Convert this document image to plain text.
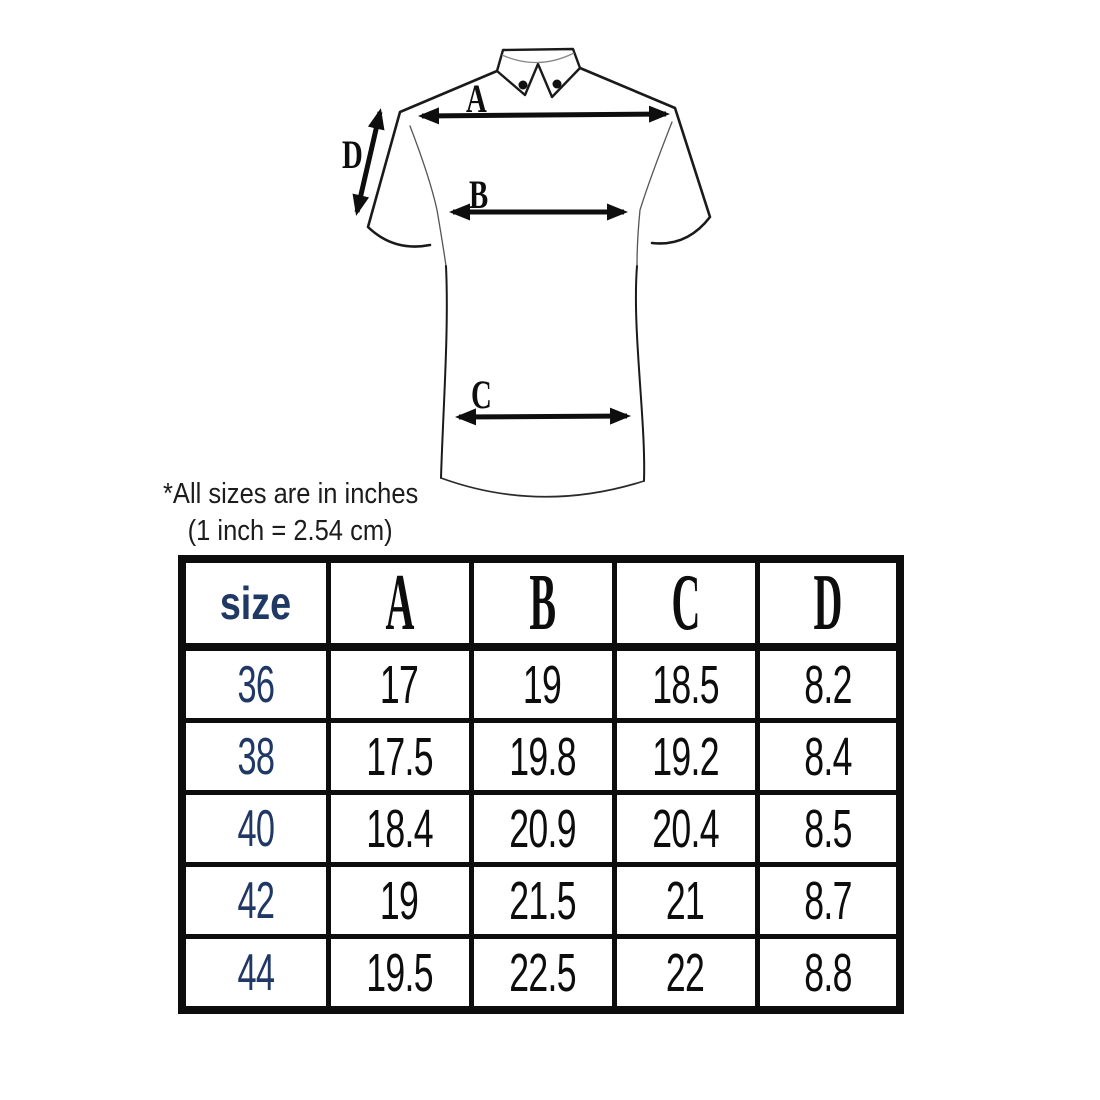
A
B
C
D
*All sizes are in inches
(1 inch = 2.54 cm)
size	A	B	C	D
36	17	19	18.5	8.2
38	17.5	19.8	19.2	8.4
40	18.4	20.9	20.4	8.5
42	19	21.5	21	8.7
44	19.5	22.5	22	8.8
